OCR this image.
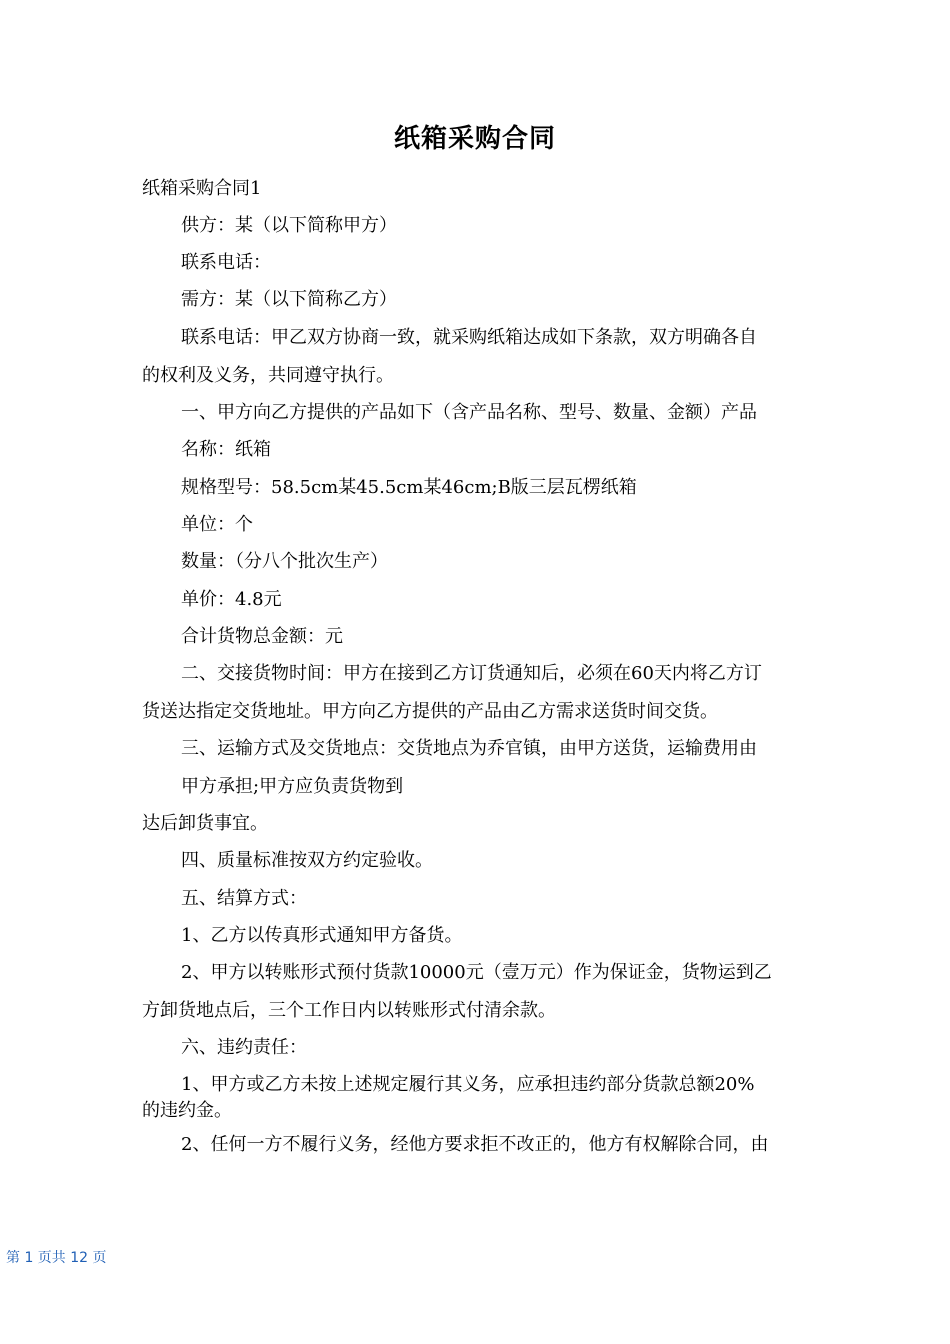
纸箱采购合同
纸箱采购合同1
供方：某（以下简称甲方）
联系电话：
需方：某（以下简称乙方）
联系电话：甲乙双方协商一致，就采购纸箱达成如下条款，双方明确各自
的权利及义务，共同遵守执行。
一、甲方向乙方提供的产品如下（含产品名称、型号、数量、金额）产品
名称：纸箱
规格型号：58.5cm某45.5cm某46cm;B版三层瓦楞纸箱
单位：个
数量：（分八个批次生产）
单价：4.8元
合计货物总金额：元
二、交接货物时间：甲方在接到乙方订货通知后，必须在60天内将乙方订
货送达指定交货地址。甲方向乙方提供的产品由乙方需求送货时间交货。
三、运输方式及交货地点：交货地点为乔官镇，由甲方送货，运输费用由
甲方承担;甲方应负责货物到
达后卸货事宜。
四、质量标准按双方约定验收。
五、结算方式：
1、乙方以传真形式通知甲方备货。
2、甲方以转账形式预付货款10000元（壹万元）作为保证金，货物运到乙
方卸货地点后，三个工作日内以转账形式付清余款。
六、违约责任：
1、甲方或乙方未按上述规定履行其义务，应承担违约部分货款总额20%
的违约金。
2、任何一方不履行义务，经他方要求拒不改正的，他方有权解除合同，由
第 1 页共 12 页
